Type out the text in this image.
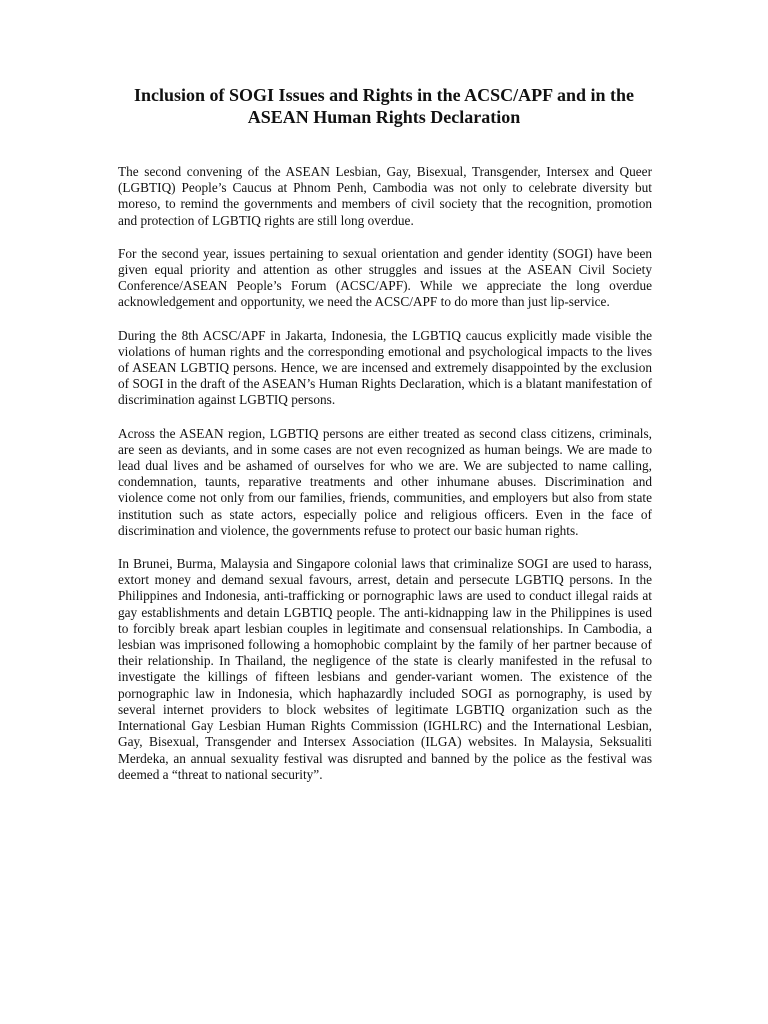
Inclusion of SOGI Issues and Rights in the ACSC/APF and in the
ASEAN Human Rights Declaration

The second convening of the ASEAN Lesbian, Gay, Bisexual, Transgender, Intersex and Queer (LGBTIQ) People’s Caucus at Phnom Penh, Cambodia was not only to celebrate diversity but moreso, to remind the governments and members of civil society that the recognition, promotion and protection of LGBTIQ rights are still long overdue.

For the second year, issues pertaining to sexual orientation and gender identity (SOGI) have been given equal priority and attention as other struggles and issues at the ASEAN Civil Society Conference/ASEAN People’s Forum (ACSC/APF). While we appreciate the long overdue acknowledgement and opportunity, we need the ACSC/APF to do more than just lip-service.

During the 8th ACSC/APF in Jakarta, Indonesia, the LGBTIQ caucus explicitly made visible the violations of human rights and the corresponding emotional and psychological impacts to the lives of ASEAN LGBTIQ persons. Hence, we are incensed and extremely disappointed by the exclusion of SOGI in the draft of the ASEAN’s Human Rights Declaration, which is a blatant manifestation of discrimination against LGBTIQ persons.

Across the ASEAN region, LGBTIQ persons are either treated as second class citizens, criminals, are seen as deviants, and in some cases are not even recognized as human beings. We are made to lead dual lives and be ashamed of ourselves for who we are. We are subjected to name calling, condemnation, taunts, reparative treatments and other inhumane abuses. Discrimination and violence come not only from our families, friends, communities, and employers but also from state institution such as state actors, especially police and religious officers. Even in the face of discrimination and violence, the governments refuse to protect our basic human rights.

In Brunei, Burma, Malaysia and Singapore colonial laws that criminalize SOGI are used to harass, extort money and demand sexual favours, arrest, detain and persecute LGBTIQ persons. In the Philippines and Indonesia, anti-trafficking or pornographic laws are used to conduct illegal raids at gay establishments and detain LGBTIQ people. The anti-kidnapping law in the Philippines is used to forcibly break apart lesbian couples in legitimate and consensual relationships. In Cambodia, a lesbian was imprisoned following a homophobic complaint by the family of her partner because of their relationship. In Thailand, the negligence of the state is clearly manifested in the refusal to investigate the killings of fifteen lesbians and gender-variant women. The existence of the pornographic law in Indonesia, which haphazardly included SOGI as pornography, is used by several internet providers to block websites of legitimate LGBTIQ organization such as the International Gay Lesbian Human Rights Commission (IGHLRC) and the International Lesbian, Gay, Bisexual, Transgender and Intersex Association (ILGA) websites. In Malaysia, Seksualiti Merdeka, an annual sexuality festival was disrupted and banned by the police as the festival was deemed a “threat to national security”.
